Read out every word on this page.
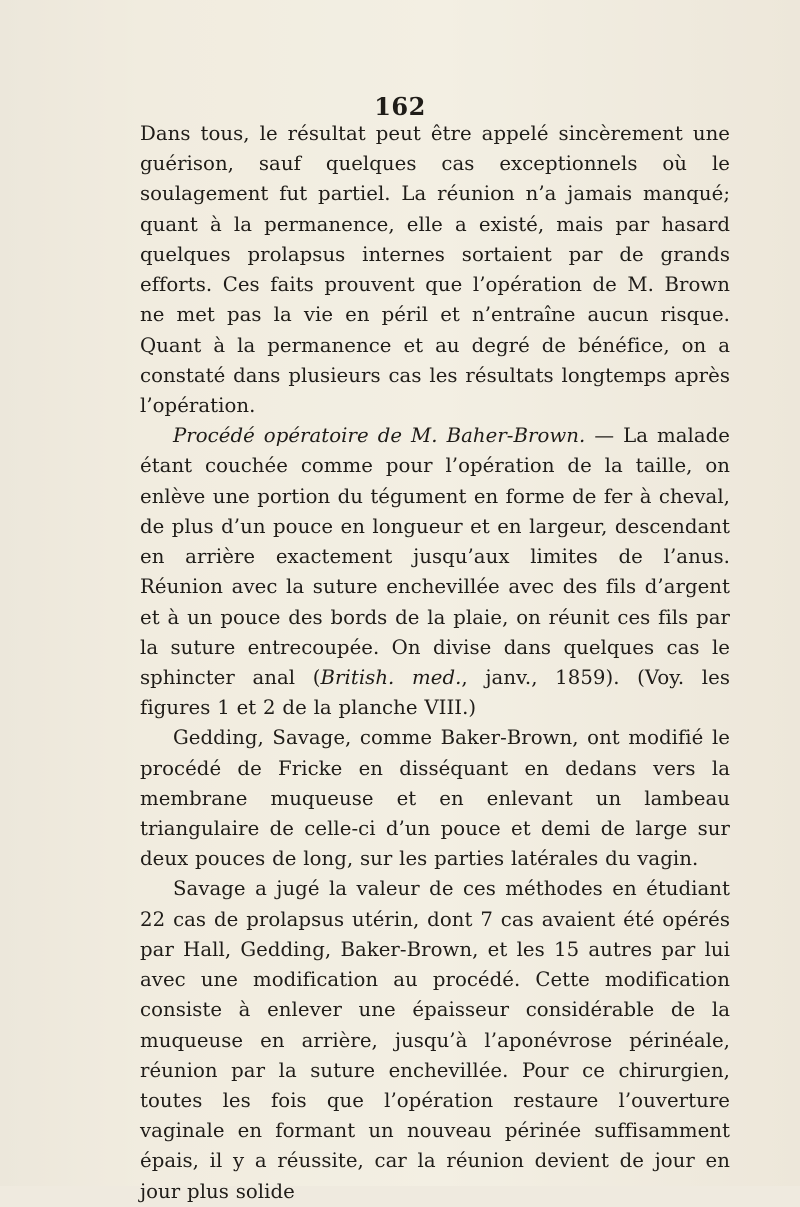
162

Dans tous, le résultat peut être appelé sincèrement une guérison, sauf quelques cas exceptionnels où le soulagement fut partiel. La réunion n’a jamais manqué; quant à la permanence, elle a existé, mais par hasard quelques prolapsus internes sortaient par de grands efforts. Ces faits prouvent que l’opération de M. Brown ne met pas la vie en péril et n’entraîne aucun risque. Quant à la permanence et au degré de bénéfice, on a constaté dans plusieurs cas les résultats longtemps après l’opération.

Procédé opératoire de M. Baher-Brown. — La malade étant couchée comme pour l’opération de la taille, on enlève une portion du tégument en forme de fer à cheval, de plus d’un pouce en longueur et en largeur, descendant en arrière exactement jusqu’aux limites de l’anus. Réunion avec la suture enchevillée avec des fils d’argent et à un pouce des bords de la plaie, on réunit ces fils par la suture entrecoupée. On divise dans quelques cas le sphincter anal (British. med., janv., 1859). (Voy. les figures 1 et 2 de la planche VIII.)

Gedding, Savage, comme Baker-Brown, ont modifié le procédé de Fricke en disséquant en dedans vers la membrane muqueuse et en enlevant un lambeau triangulaire de celle-ci d’un pouce et demi de large sur deux pouces de long, sur les parties latérales du vagin.

Savage a jugé la valeur de ces méthodes en étudiant 22 cas de prolapsus utérin, dont 7 cas avaient été opérés par Hall, Gedding, Baker-Brown, et les 15 autres par lui avec une modification au procédé. Cette modification consiste à enlever une épaisseur considérable de la muqueuse en arrière, jusqu’à l’aponévrose périnéale, réunion par la suture enchevillée. Pour ce chirurgien, toutes les fois que l’opération restaure l’ouverture vaginale en formant un nouveau périnée suffisamment épais, il y a réussite, car la réunion devient de jour en jour plus solide
